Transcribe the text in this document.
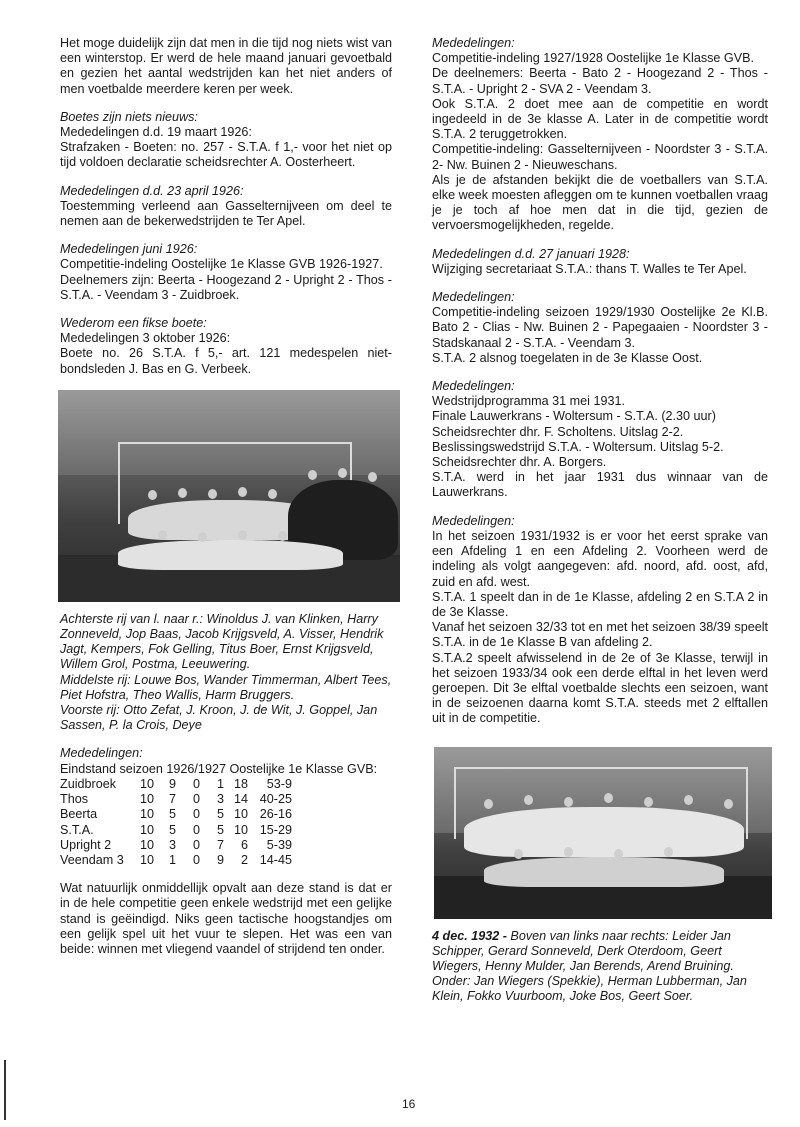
Het moge duidelijk zijn dat men in die tijd nog niets wist van een winterstop. Er werd de hele maand januari gevoetbald en gezien het aantal wedstrijden kan het niet anders of men voetbalde meerdere keren per week.

Boetes zijn niets nieuws:

Mededelingen d.d. 19 maart 1926:

Strafzaken - Boeten: no. 257 - S.T.A. f 1,- voor het niet op tijd voldoen declaratie scheidsrechter A. Oosterheert.

Mededelingen d.d. 23 april 1926:

Toestemming verleend aan Gasselternijveen om deel te nemen aan de bekerwedstrijden te Ter Apel.

Mededelingen juni 1926:

Competitie-indeling Oostelijke 1e Klasse GVB 1926-1927.

Deelnemers zijn: Beerta - Hoogezand 2 - Upright 2 - Thos - S.T.A. - Veendam 3 - Zuidbroek.

Wederom een fikse boete:

Mededelingen 3 oktober 1926:

Boete no. 26 S.T.A. f 5,- art. 121 medespelen niet-bondsleden J. Bas en G. Verbeek.

Achterste rij van l. naar r.: Winoldus J. van Klinken, Harry Zonneveld, Jop Baas, Jacob Krijgsveld, A. Visser, Hendrik Jagt, Kempers, Fok Gelling, Titus Boer, Ernst Krijgsveld, Willem Grol, Postma, Leeuwering.
Middelste rij: Louwe Bos, Wander Timmerman, Albert Tees, Piet Hofstra, Theo Wallis, Harm Bruggers.
Voorste rij: Otto Zefat, J. Kroon, J. de Wit, J. Goppel, Jan Sassen, P. la Crois, Deye

Mededelingen:

Eindstand seizoen 1926/1927 Oostelijke 1e Klasse GVB:

Zuidbroek	10	9	0	1	18	53-9
Thos	10	7	0	3	14	40-25
Beerta	10	5	0	5	10	26-16
S.T.A.	10	5	0	5	10	15-29
Upright 2	10	3	0	7	6	5-39
Veendam 3	10	1	0	9	2	14-45

Wat natuurlijk onmiddellijk opvalt aan deze stand is dat er in de hele competitie geen enkele wedstrijd met een gelijke stand is geëindigd. Niks geen tactische hoogstandjes om een gelijk spel uit het vuur te slepen. Het was een van beide: winnen met vliegend vaandel of strijdend ten onder.

Mededelingen:

Competitie-indeling 1927/1928 Oostelijke 1e Klasse GVB.

De deelnemers: Beerta - Bato 2 - Hoogezand 2 - Thos - S.T.A. - Upright 2 - SVA 2 - Veendam 3.

Ook S.T.A. 2 doet mee aan de competitie en wordt ingedeeld in de 3e klasse A. Later in de competitie wordt S.T.A. 2 teruggetrokken.

Competitie-indeling: Gasselternijveen - Noordster 3 - S.T.A. 2- Nw. Buinen 2 - Nieuweschans.

Als je de afstanden bekijkt die de voetballers van S.T.A. elke week moesten afleggen om te kunnen voetballen vraag je je toch af hoe men dat in die tijd, gezien de vervoersmogelijkheden, regelde.

Mededelingen d.d. 27 januari 1928:

Wijziging secretariaat S.T.A.: thans T. Walles te Ter Apel.

Mededelingen:

Competitie-indeling seizoen 1929/1930 Oostelijke 2e Kl.B. Bato 2 - Clias - Nw. Buinen 2 - Papegaaien - Noordster 3 - Stadskanaal 2 - S.T.A. - Veendam 3.

S.T.A. 2 alsnog toegelaten in de 3e Klasse Oost.

Mededelingen:

Wedstrijdprogramma 31 mei 1931.

Finale Lauwerkrans - Woltersum - S.T.A. (2.30 uur)

Scheidsrechter dhr. F. Scholtens. Uitslag 2-2.

Beslissingswedstrijd S.T.A. - Woltersum. Uitslag 5-2.

Scheidsrechter dhr. A. Borgers.

S.T.A. werd in het jaar 1931 dus winnaar van de Lauwerkrans.

Mededelingen:

In het seizoen 1931/1932 is er voor het eerst sprake van een Afdeling 1 en een Afdeling 2. Voorheen werd de indeling als volgt aangegeven: afd. noord, afd. oost, afd, zuid en afd. west.

S.T.A. 1 speelt dan in de 1e Klasse, afdeling 2 en S.T.A 2 in de 3e Klasse.

Vanaf het seizoen 32/33 tot en met het seizoen 38/39 speelt S.T.A. in de 1e Klasse B van afdeling 2.

S.T.A.2 speelt afwisselend in de 2e of 3e Klasse, terwijl in het seizoen 1933/34 ook een derde elftal in het leven werd geroepen. Dit 3e elftal voetbalde slechts een seizoen, want in de seizoenen daarna komt S.T.A. steeds met 2 elftallen uit in de competitie.

4 dec. 1932 - Boven van links naar rechts: Leider Jan Schipper, Gerard Sonneveld, Derk Oterdoom, Geert Wiegers, Henny Mulder, Jan Berends, Arend Bruining.
Onder: Jan Wiegers (Spekkie), Herman Lubberman, Jan Klein, Fokko Vuurboom, Joke Bos, Geert Soer.
16
